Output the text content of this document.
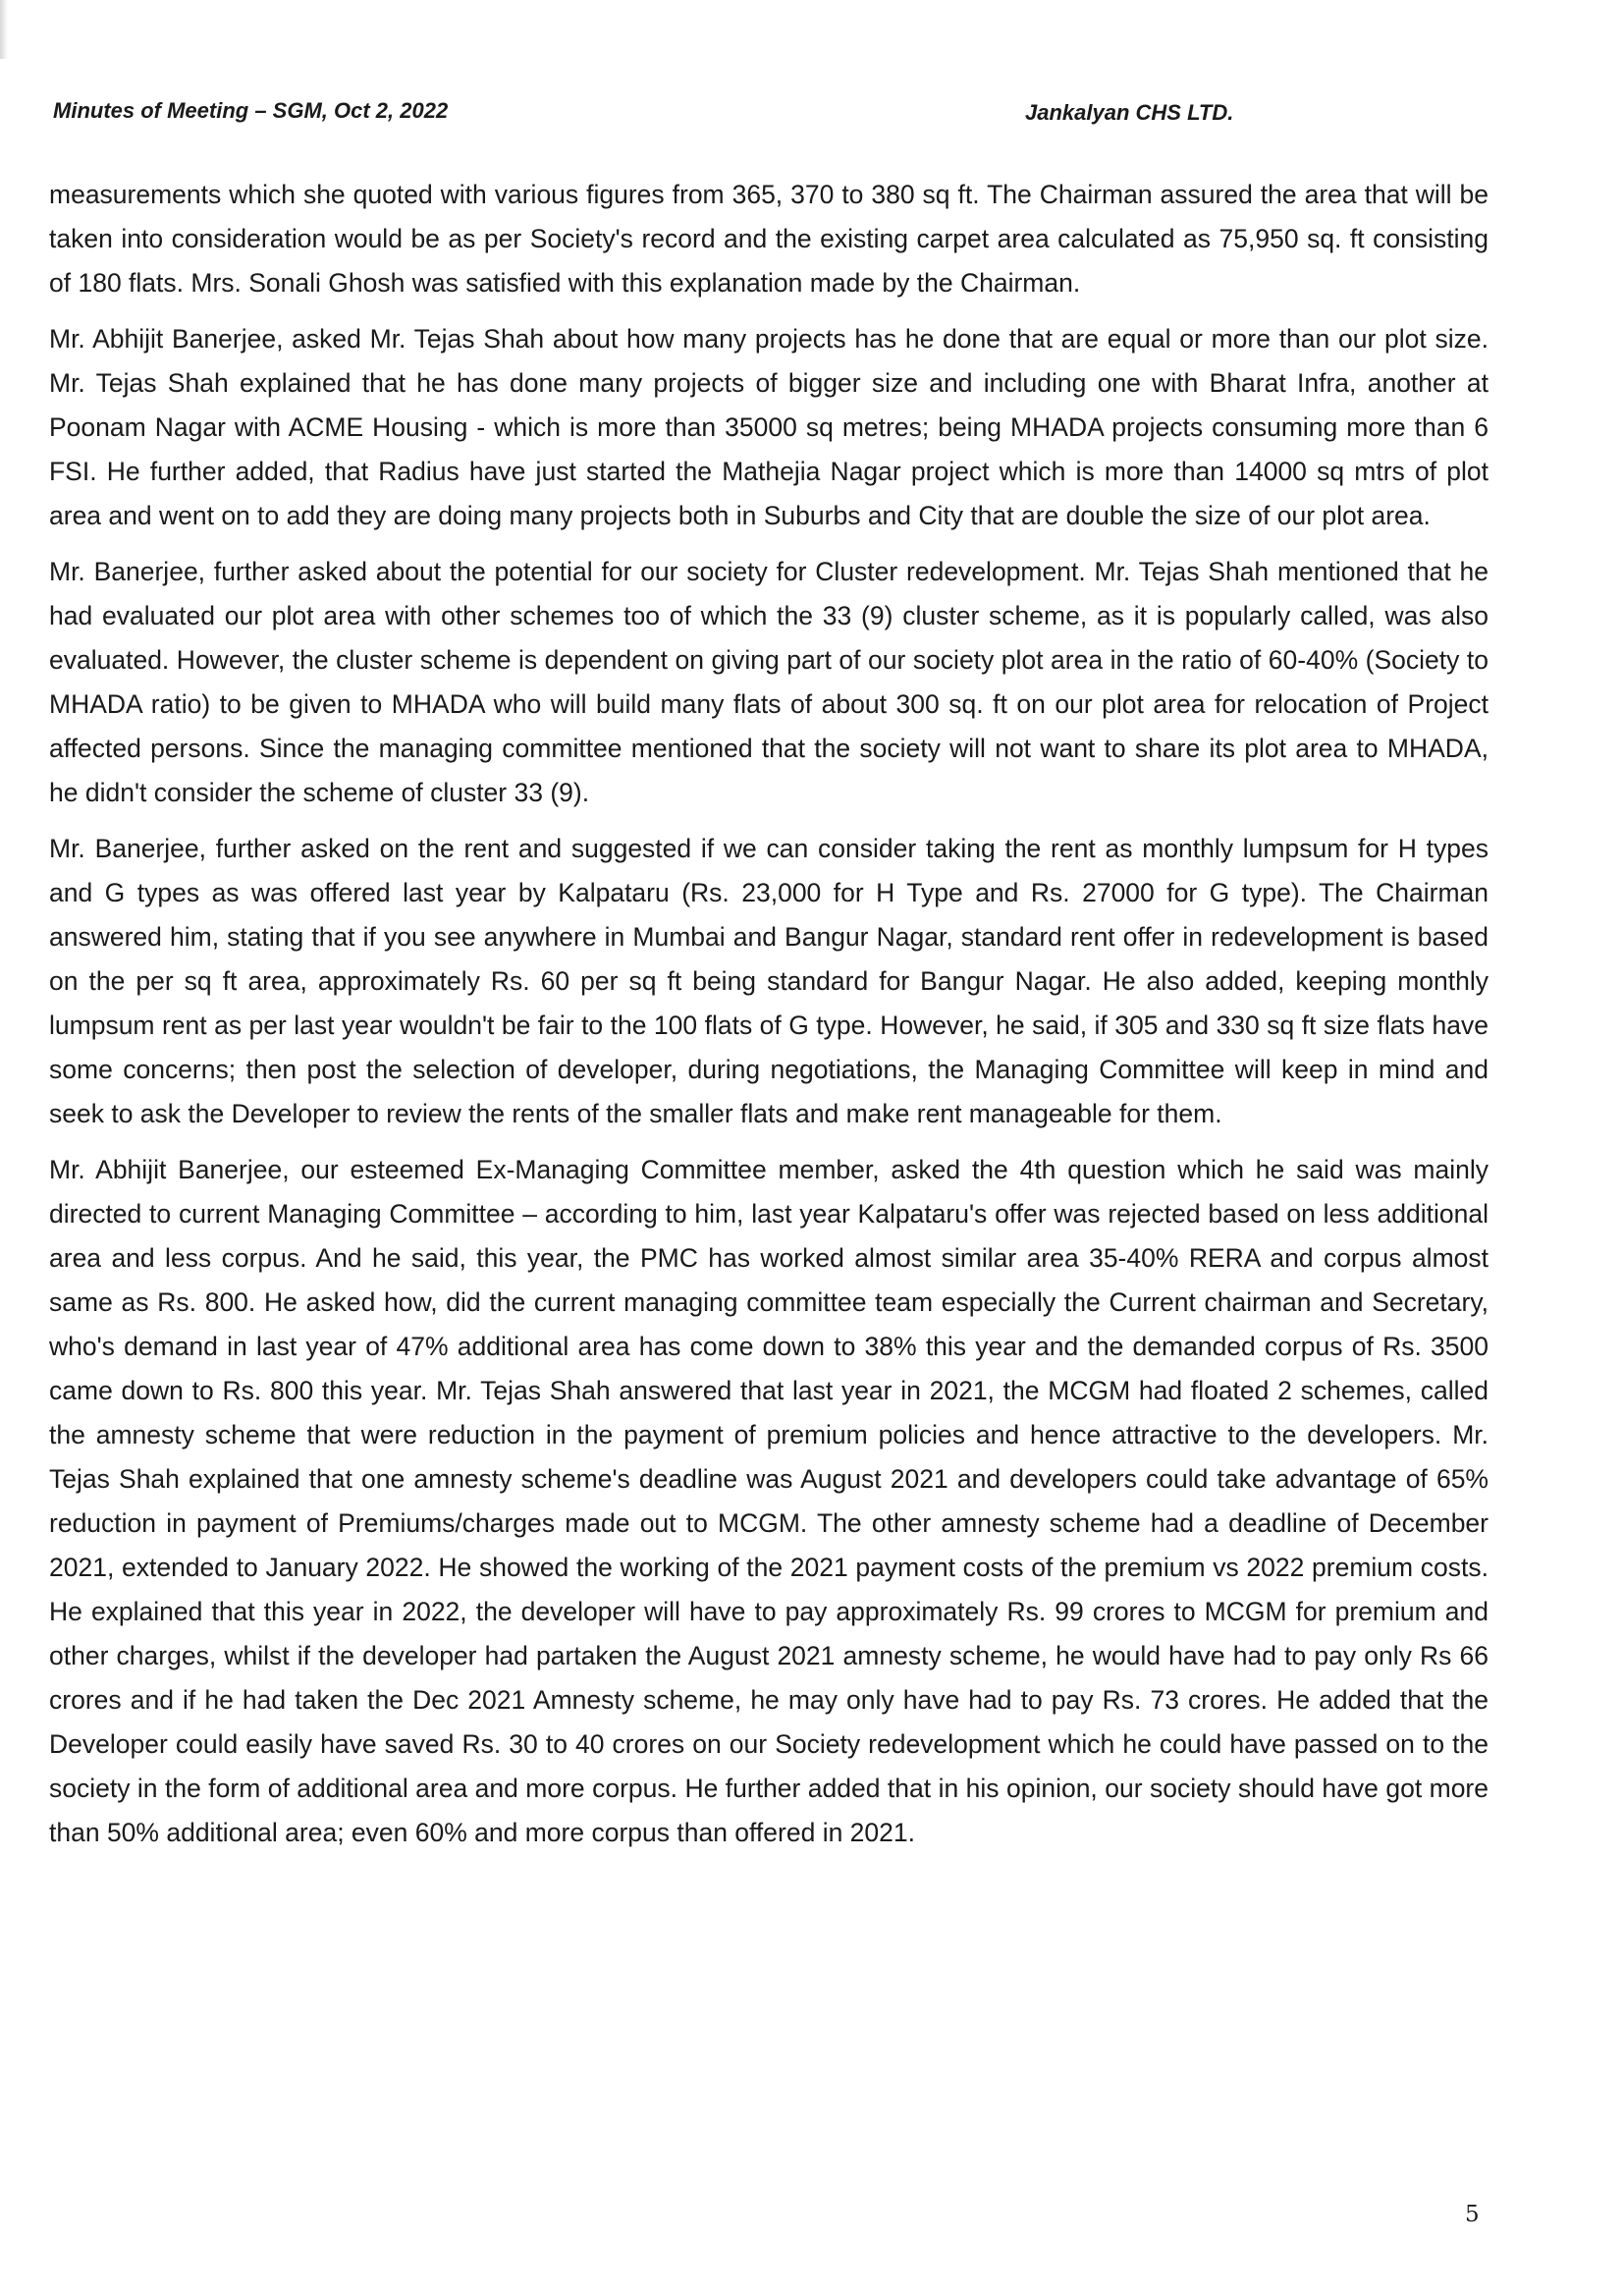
Minutes of Meeting – SGM, Oct 2, 2022	Jankalyan CHS LTD.

measurements which she quoted with various figures from 365, 370 to 380 sq ft. The Chairman assured the area that will be taken into consideration would be as per Society's record and the existing carpet area calculated as 75,950 sq. ft consisting of 180 flats. Mrs. Sonali Ghosh was satisfied with this explanation made by the Chairman.

Mr. Abhijit Banerjee, asked Mr. Tejas Shah about how many projects has he done that are equal or more than our plot size. Mr. Tejas Shah explained that he has done many projects of bigger size and including one with Bharat Infra, another at Poonam Nagar with ACME Housing - which is more than 35000 sq metres; being MHADA projects consuming more than 6 FSI. He further added, that Radius have just started the Mathejia Nagar project which is more than 14000 sq mtrs of plot area and went on to add they are doing many projects both in Suburbs and City that are double the size of our plot area.

Mr. Banerjee, further asked about the potential for our society for Cluster redevelopment. Mr. Tejas Shah mentioned that he had evaluated our plot area with other schemes too of which the 33 (9) cluster scheme, as it is popularly called, was also evaluated. However, the cluster scheme is dependent on giving part of our society plot area in the ratio of 60-40% (Society to MHADA ratio) to be given to MHADA who will build many flats of about 300 sq. ft on our plot area for relocation of Project affected persons. Since the managing committee mentioned that the society will not want to share its plot area to MHADA, he didn't consider the scheme of cluster 33 (9).

Mr. Banerjee, further asked on the rent and suggested if we can consider taking the rent as monthly lumpsum for H types and G types as was offered last year by Kalpataru (Rs. 23,000 for H Type and Rs. 27000 for G type). The Chairman answered him, stating that if you see anywhere in Mumbai and Bangur Nagar, standard rent offer in redevelopment is based on the per sq ft area, approximately Rs. 60 per sq ft being standard for Bangur Nagar. He also added, keeping monthly lumpsum rent as per last year wouldn't be fair to the 100 flats of G type. However, he said, if 305 and 330 sq ft size flats have some concerns; then post the selection of developer, during negotiations, the Managing Committee will keep in mind and seek to ask the Developer to review the rents of the smaller flats and make rent manageable for them.

Mr. Abhijit Banerjee, our esteemed Ex-Managing Committee member, asked the 4th question which he said was mainly directed to current Managing Committee – according to him, last year Kalpataru's offer was rejected based on less additional area and less corpus. And he said, this year, the PMC has worked almost similar area 35-40% RERA and corpus almost same as Rs. 800. He asked how, did the current managing committee team especially the Current chairman and Secretary, who's demand in last year of 47% additional area has come down to 38% this year and the demanded corpus of Rs. 3500 came down to Rs. 800 this year. Mr. Tejas Shah answered that last year in 2021, the MCGM had floated 2 schemes, called the amnesty scheme that were reduction in the payment of premium policies and hence attractive to the developers. Mr. Tejas Shah explained that one amnesty scheme's deadline was August 2021 and developers could take advantage of 65% reduction in payment of Premiums/charges made out to MCGM. The other amnesty scheme had a deadline of December 2021, extended to January 2022. He showed the working of the 2021 payment costs of the premium vs 2022 premium costs. He explained that this year in 2022, the developer will have to pay approximately Rs. 99 crores to MCGM for premium and other charges, whilst if the developer had partaken the August 2021 amnesty scheme, he would have had to pay only Rs 66 crores and if he had taken the Dec 2021 Amnesty scheme, he may only have had to pay Rs. 73 crores. He added that the Developer could easily have saved Rs. 30 to 40 crores on our Society redevelopment which he could have passed on to the society in the form of additional area and more corpus. He further added that in his opinion, our society should have got more than 50% additional area; even 60% and more corpus than offered in 2021.

5
